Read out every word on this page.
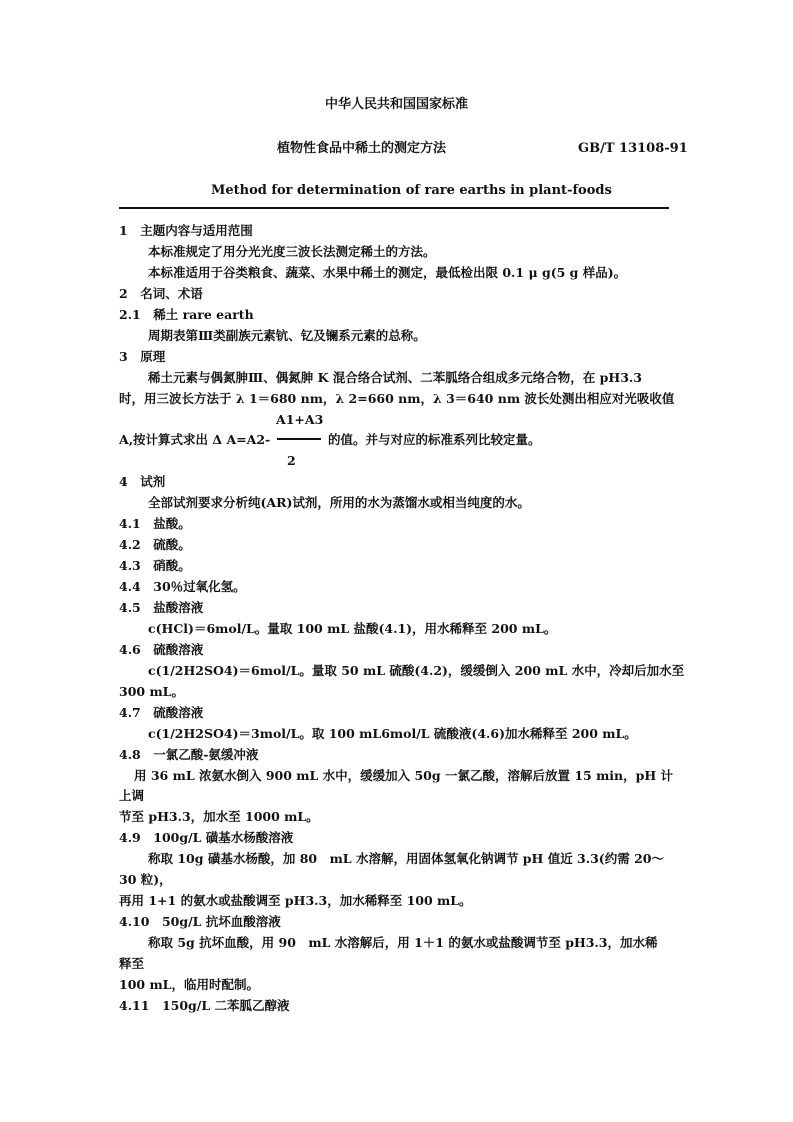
中华人民共和国国家标准
植物性食品中稀土的测定方法	GB/T 13108-91
Method for determination of rare earths in plant-foods
1　主题内容与适用范围
本标准规定了用分光光度三波长法测定稀土的方法。
本标准适用于谷类粮食、蔬菜、水果中稀土的测定，最低检出限 0.1 μ g(5 g 样品)。
2　名词、术语
2.1　稀土 rare earth
周期表第Ⅲ类副族元素钪、钇及镧系元素的总称。
3　原理
稀土元素与偶氮胂Ⅲ、偶氮胂 K 混合络合试剂、二苯胍络合组成多元络合物，在 pH3.3
时，用三波长方法于 λ 1＝680 nm，λ 2=660 nm，λ 3＝640 nm 波长处测出相应对光吸收值
A1+A3
A,按计算式求出 Δ A=A2-	的值。并与对应的标准系列比较定量。
2
4　试剂
全部试剂要求分析纯(AR)试剂，所用的水为蒸馏水或相当纯度的水。
4.1　盐酸。
4.2　硫酸。
4.3　硝酸。
4.4　30％过氧化氢。
4.5　盐酸溶液
c(HCl)＝6mol/L。量取 100 mL 盐酸(4.1)，用水稀释至 200 mL。
4.6　硫酸溶液
c(1/2H2SO4)＝6mol/L。量取 50 mL 硫酸(4.2)，缓缓倒入 200 mL 水中，冷却后加水至
300 mL。
4.7　硫酸溶液
c(1/2H2SO4)＝3mol/L。取 100 mL6mol/L 硫酸液(4.6)加水稀释至 200 mL。
4.8　一氯乙酸-氨缓冲液
用 36 mL 浓氨水倒入 900 mL 水中，缓缓加入 50g 一氯乙酸，溶解后放置 15 min，pH 计
上调
节至 pH3.3，加水至 1000 mL。
4.9　100g/L 磺基水杨酸溶液
称取 10g 磺基水杨酸，加 80　mL 水溶解，用固体氢氧化钠调节 pH 值近 3.3(约需 20～
30 粒)，
再用 1+1 的氨水或盐酸调至 pH3.3，加水稀释至 100 mL。
4.10　50g/L 抗坏血酸溶液
称取 5g 抗坏血酸，用 90　mL 水溶解后，用 1＋1 的氨水或盐酸调节至 pH3.3，加水稀
释至
100 mL，临用时配制。
4.11　150g/L 二苯胍乙醇液
